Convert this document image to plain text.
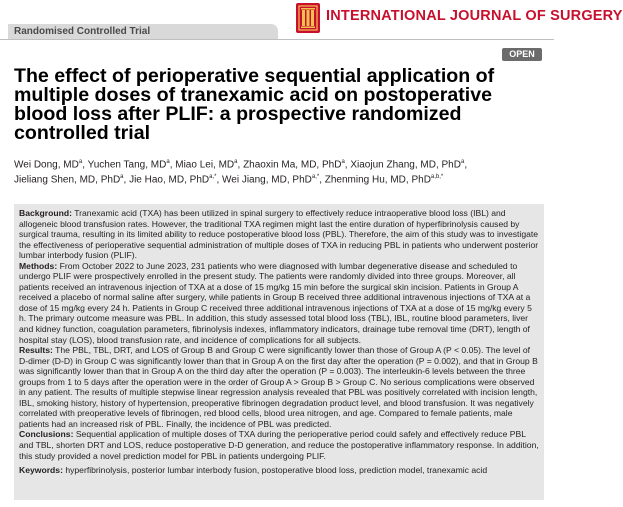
Randomised Controlled Trial
INTERNATIONAL JOURNAL OF SURGERY
OPEN
The effect of perioperative sequential application of multiple doses of tranexamic acid on postoperative blood loss after PLIF: a prospective randomized controlled trial
Wei Dong, $MD^a$, Yuchen Tang, $MD^a$, Miao Lei, $MD^a$, Zhaoxin Ma, MD, PhD$^a$, Xiaojun Zhang, MD, PhD$^a$,
Jieliang Shen, MD, PhD$^a$, Jie Hao, MD, PhD$^{a,*}$, Wei Jiang, MD, PhD$^{a,*}$, Zhenming Hu, MD, PhD$^{a,b,*}$

Background: Tranexamic acid (TXA) has been utilized in spinal surgery to effectively reduce intraoperative blood loss (IBL) and allogeneic blood transfusion rates. However, the traditional TXA regimen might last the entire duration of hyperfibrinolysis caused by surgical trauma, resulting in its limited ability to reduce postoperative blood loss (PBL). Therefore, the aim of this study was to investigate the effectiveness of perioperative sequential administration of multiple doses of TXA in reducing PBL in patients who underwent posterior lumbar interbody fusion (PLIF).

Methods: From October 2022 to June 2023, 231 patients who were diagnosed with lumbar degenerative disease and scheduled to undergo PLIF were prospectively enrolled in the present study. The patients were randomly divided into three groups. Moreover, all patients received an intravenous injection of TXA at a dose of 15 mg/kg 15 min before the surgical skin incision. Patients in Group A received a placebo of normal saline after surgery, while patients in Group B received three additional intravenous injections of TXA at a dose of 15 mg/kg every 24 h. Patients in Group C received three additional intravenous injections of TXA at a dose of 15 mg/kg every 5 h. The primary outcome measure was PBL. In addition, this study assessed total blood loss (TBL), IBL, routine blood parameters, liver and kidney function, coagulation parameters, fibrinolysis indexes, inflammatory indicators, drainage tube removal time (DRT), length of hospital stay (LOS), blood transfusion rate, and incidence of complications for all subjects.

Results: The PBL, TBL, DRT, and LOS of Group B and Group C were significantly lower than those of Group A (P < 0.05). The level of D-dimer (D-D) in Group C was significantly lower than that in Group A on the first day after the operation (P = 0.002), and that in Group B was significantly lower than that in Group A on the third day after the operation (P = 0.003). The interleukin-6 levels between the three groups from 1 to 5 days after the operation were in the order of Group A > Group B > Group C. No serious complications were observed in any patient. The results of multiple stepwise linear regression analysis revealed that PBL was positively correlated with incision length, IBL, smoking history, history of hypertension, preoperative fibrinogen degradation product level, and blood transfusion. It was negatively correlated with preoperative levels of fibrinogen, red blood cells, blood urea nitrogen, and age. Compared to female patients, male patients had an increased risk of PBL. Finally, the incidence of PBL was predicted.

Conclusions: Sequential application of multiple doses of TXA during the perioperative period could safely and effectively reduce PBL and TBL, shorten DRT and LOS, reduce postoperative D-D generation, and reduce the postoperative inflammatory response. In addition, this study provided a novel prediction model for PBL in patients undergoing PLIF.

Keywords: hyperfibrinolysis, posterior lumbar interbody fusion, postoperative blood loss, prediction model, tranexamic acid
